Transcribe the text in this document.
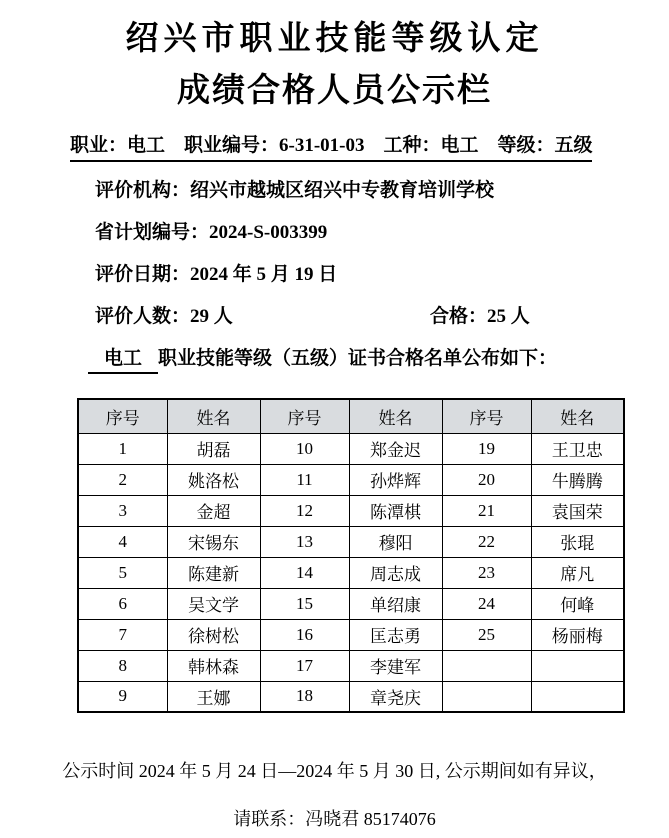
绍兴市职业技能等级认定
成绩合格人员公示栏
职业：电工　职业编号：6-31-01-03　工种：电工　等级：五级
评价机构：绍兴市越城区绍兴中专教育培训学校
省计划编号：2024-S-003399
评价日期：2024 年 5 月 19 日
评价人数：29 人	合格：25 人
电工 职业技能等级（五级）证书合格名单公布如下：
序号	姓名	序号	姓名	序号	姓名
1	胡磊	10	郑金迟	19	王卫忠
2	姚洛松	11	孙烨辉	20	牛腾腾
3	金超	12	陈潭棋	21	袁国荣
4	宋锡东	13	穆阳	22	张琨
5	陈建新	14	周志成	23	席凡
6	吴文学	15	单绍康	24	何峰
7	徐树松	16	匡志勇	25	杨丽梅
8	韩林森	17	李建军		
9	王娜	18	章尧庆		

公示时间 2024 年 5 月 24 日—2024 年 5 月 30 日, 公示期间如有异议，

请联系：冯晓君 85174076
